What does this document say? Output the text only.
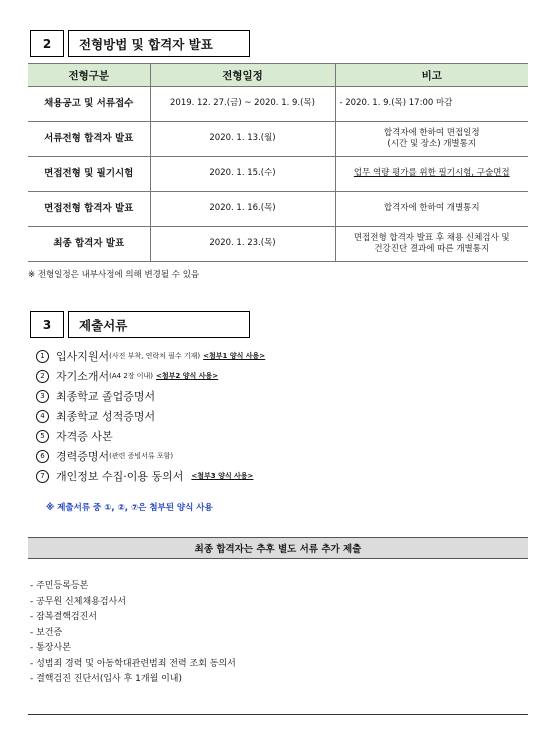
2	전형방법 및 합격자 발표
전형구분	전형일정	비고
채용공고 및 서류접수	2019. 12. 27.(금) ~ 2020. 1. 9.(목)	- 2020. 1. 9.(목) 17:00 마감
서류전형 합격자 발표	2020. 1. 13.(월)	합격자에 한하여 면접일정
(시간 및 장소) 개별통지

면접전형 및 필기시험	2020. 1. 15.(수)	업무 역량 평가를 위한 필기시험, 구술면접
면접전형 합격자 발표	2020. 1. 16.(목)	합격자에 한하여 개별통지
최종 합격자 발표	2020. 1. 23.(목)	면접전형 합격자 발표 후 채용 신체검사 및
건강진단 결과에 따른 개별통지
※ 전형일정은 내부사정에 의해 변경될 수 있음
3	제출서류
1	입사지원서 (사진 부착, 연락처 필수 기재) <첨부1 양식 사용>
2	자기소개서 (A4 2장 이내) <첨부2 양식 사용>
3	최종학교 졸업증명서
4	최종학교 성적증명서
5	자격증 사본
6	경력증명서 (관련 증빙서류 포함)
7	개인정보 수집·이용 동의서 <첨부3 양식 사용>
※ 제출서류 중 ①, ②, ⑦은 첨부된 양식 사용
최종 합격자는 추후 별도 서류 추가 제출
- 주민등록등본
- 공무원 신체채용검사서
- 잠복결핵검진서
- 보건증
- 통장사본
- 성범죄 경력 및 아동학대관련범죄 전력 조회 동의서
- 결핵검진 진단서(입사 후 1개월 이내)
